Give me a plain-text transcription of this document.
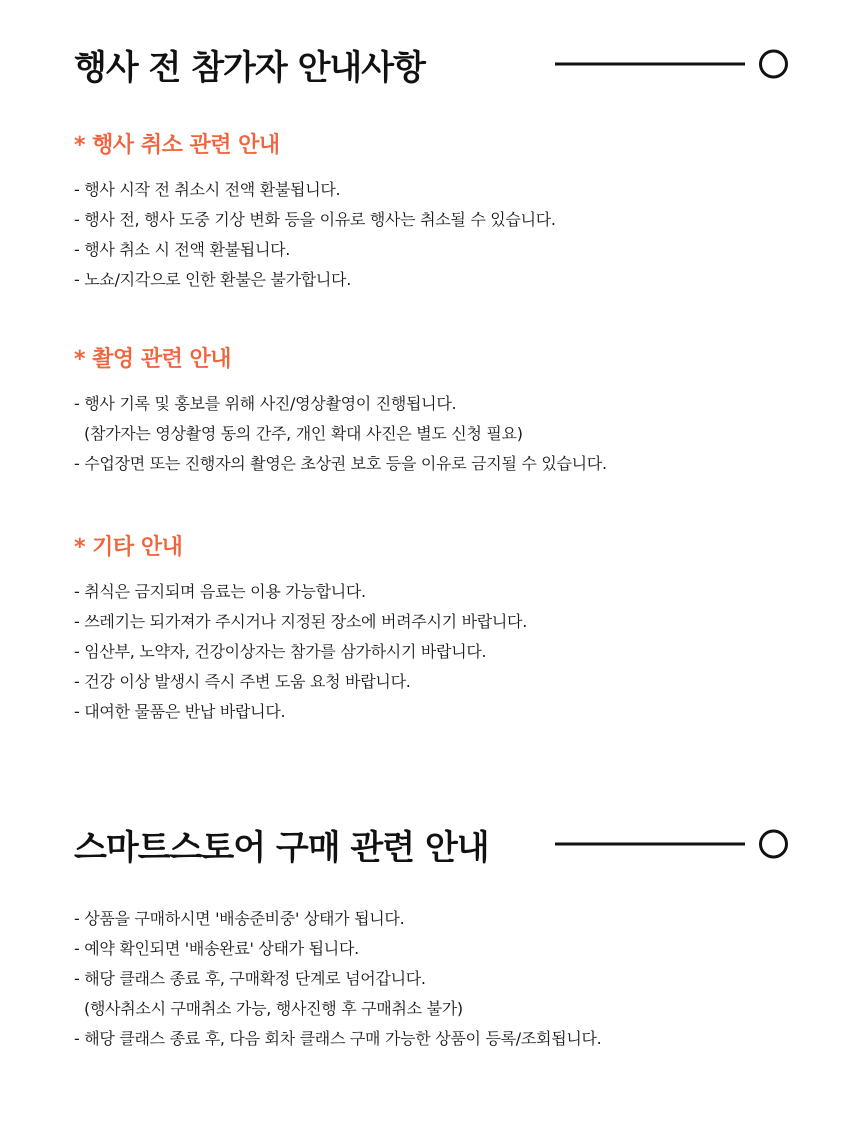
행사 전 참가자 안내사항
* 행사 취소 관련 안내
- 행사 시작 전 취소시 전액 환불됩니다.
- 행사 전, 행사 도중 기상 변화 등을 이유로 행사는 취소될 수 있습니다.
- 행사 취소 시 전액 환불됩니다.
- 노쇼/지각으로 인한 환불은 불가합니다.
* 촬영 관련 안내
- 행사 기록 및 홍보를 위해 사진/영상촬영이 진행됩니다.
(참가자는 영상촬영 동의 간주, 개인 확대 사진은 별도 신청 필요)
- 수업장면 또는 진행자의 촬영은 초상권 보호 등을 이유로 금지될 수 있습니다.
* 기타 안내
- 취식은 금지되며 음료는 이용 가능합니다.
- 쓰레기는 되가져가 주시거나 지정된 장소에 버려주시기 바랍니다.
- 임산부, 노약자, 건강이상자는 참가를 삼가하시기 바랍니다.
- 건강 이상 발생시 즉시 주변 도움 요청 바랍니다.
- 대여한 물품은 반납 바랍니다.
스마트스토어 구매 관련 안내
- 상품을 구매하시면 '배송준비중' 상태가 됩니다.
- 예약 확인되면 '배송완료' 상태가 됩니다.
- 해당 클래스 종료 후, 구매확정 단계로 넘어갑니다.
(행사취소시 구매취소 가능, 행사진행 후 구매취소 불가)
- 해당 클래스 종료 후, 다음 회차 클래스 구매 가능한 상품이 등록/조회됩니다.
